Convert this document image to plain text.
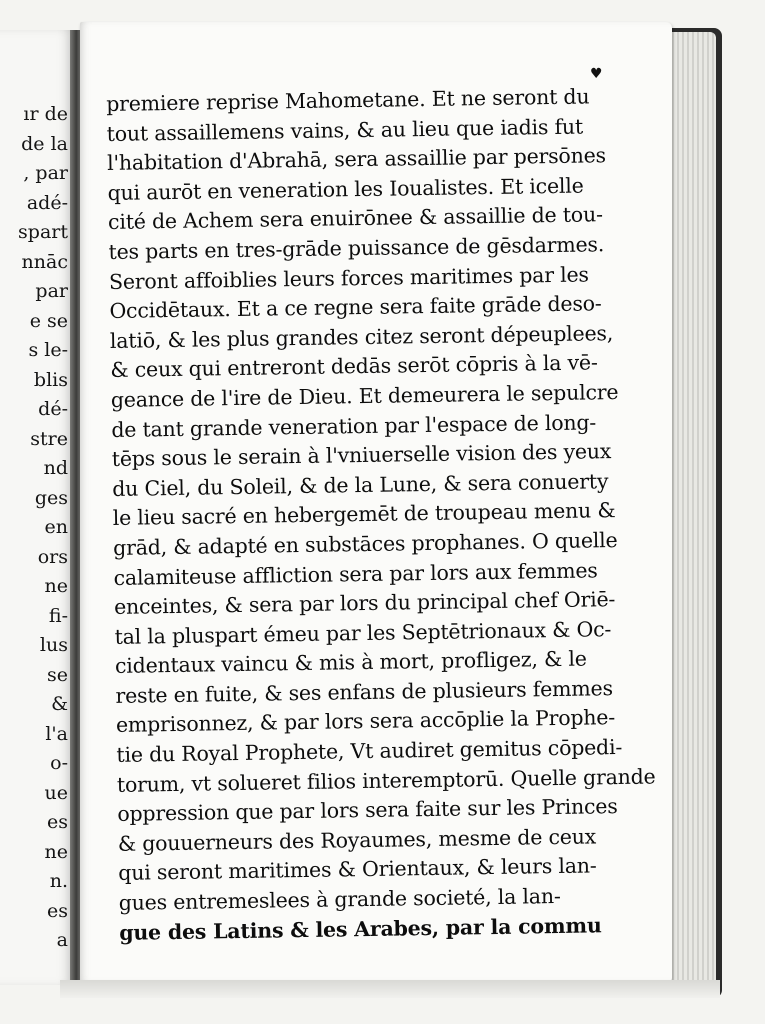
ır de
de la
, par
adé-
spart
nnāc
par
e se
s le-
blis
dé-
stre
nd
ges
en
ors
ne
fi-
lus
se
&
l'a
o-
ue
es
ne
n.
es
a
♥
premiere reprise Mahometane. Et ne seront du
tout assaillemens vains, & au lieu que iadis fut
l'habitation d'Abrahā, sera assaillie par persōnes
qui aurōt en veneration les Ioualistes. Et icelle
cité de Achem sera enuirōnee & assaillie de tou-
tes parts en tres-grāde puissance de gēsdarmes.
Seront affoiblies leurs forces maritimes par les
Occidētaux. Et a ce regne sera faite grāde deso-
latiō, & les plus grandes citez seront dépeuplees,
& ceux qui entreront dedās serōt cōpris à la vē-
geance de l'ire de Dieu. Et demeurera le sepulcre
de tant grande veneration par l'espace de long-
tēps sous le serain à l'vniuerselle vision des yeux
du Ciel, du Soleil, & de la Lune, & sera conuerty
le lieu sacré en hebergemēt de troupeau menu &
grād, & adapté en substāces prophanes. O quelle
calamiteuse affliction sera par lors aux femmes
enceintes, & sera par lors du principal chef Oriē-
tal la pluspart émeu par les Septētrionaux & Oc-
cidentaux vaincu & mis à mort, profligez, & le
reste en fuite, & ses enfans de plusieurs femmes
emprisonnez, & par lors sera accōplie la Prophe-
tie du Royal Prophete, Vt audiret gemitus cōpedi-
torum, vt solueret filios interemptorū. Quelle grande
oppression que par lors sera faite sur les Princes
& gouuerneurs des Royaumes, mesme de ceux
qui seront maritimes & Orientaux, & leurs lan-
gues entremeslees à grande societé, la lan-
gue des Latins & les Arabes, par la commu
